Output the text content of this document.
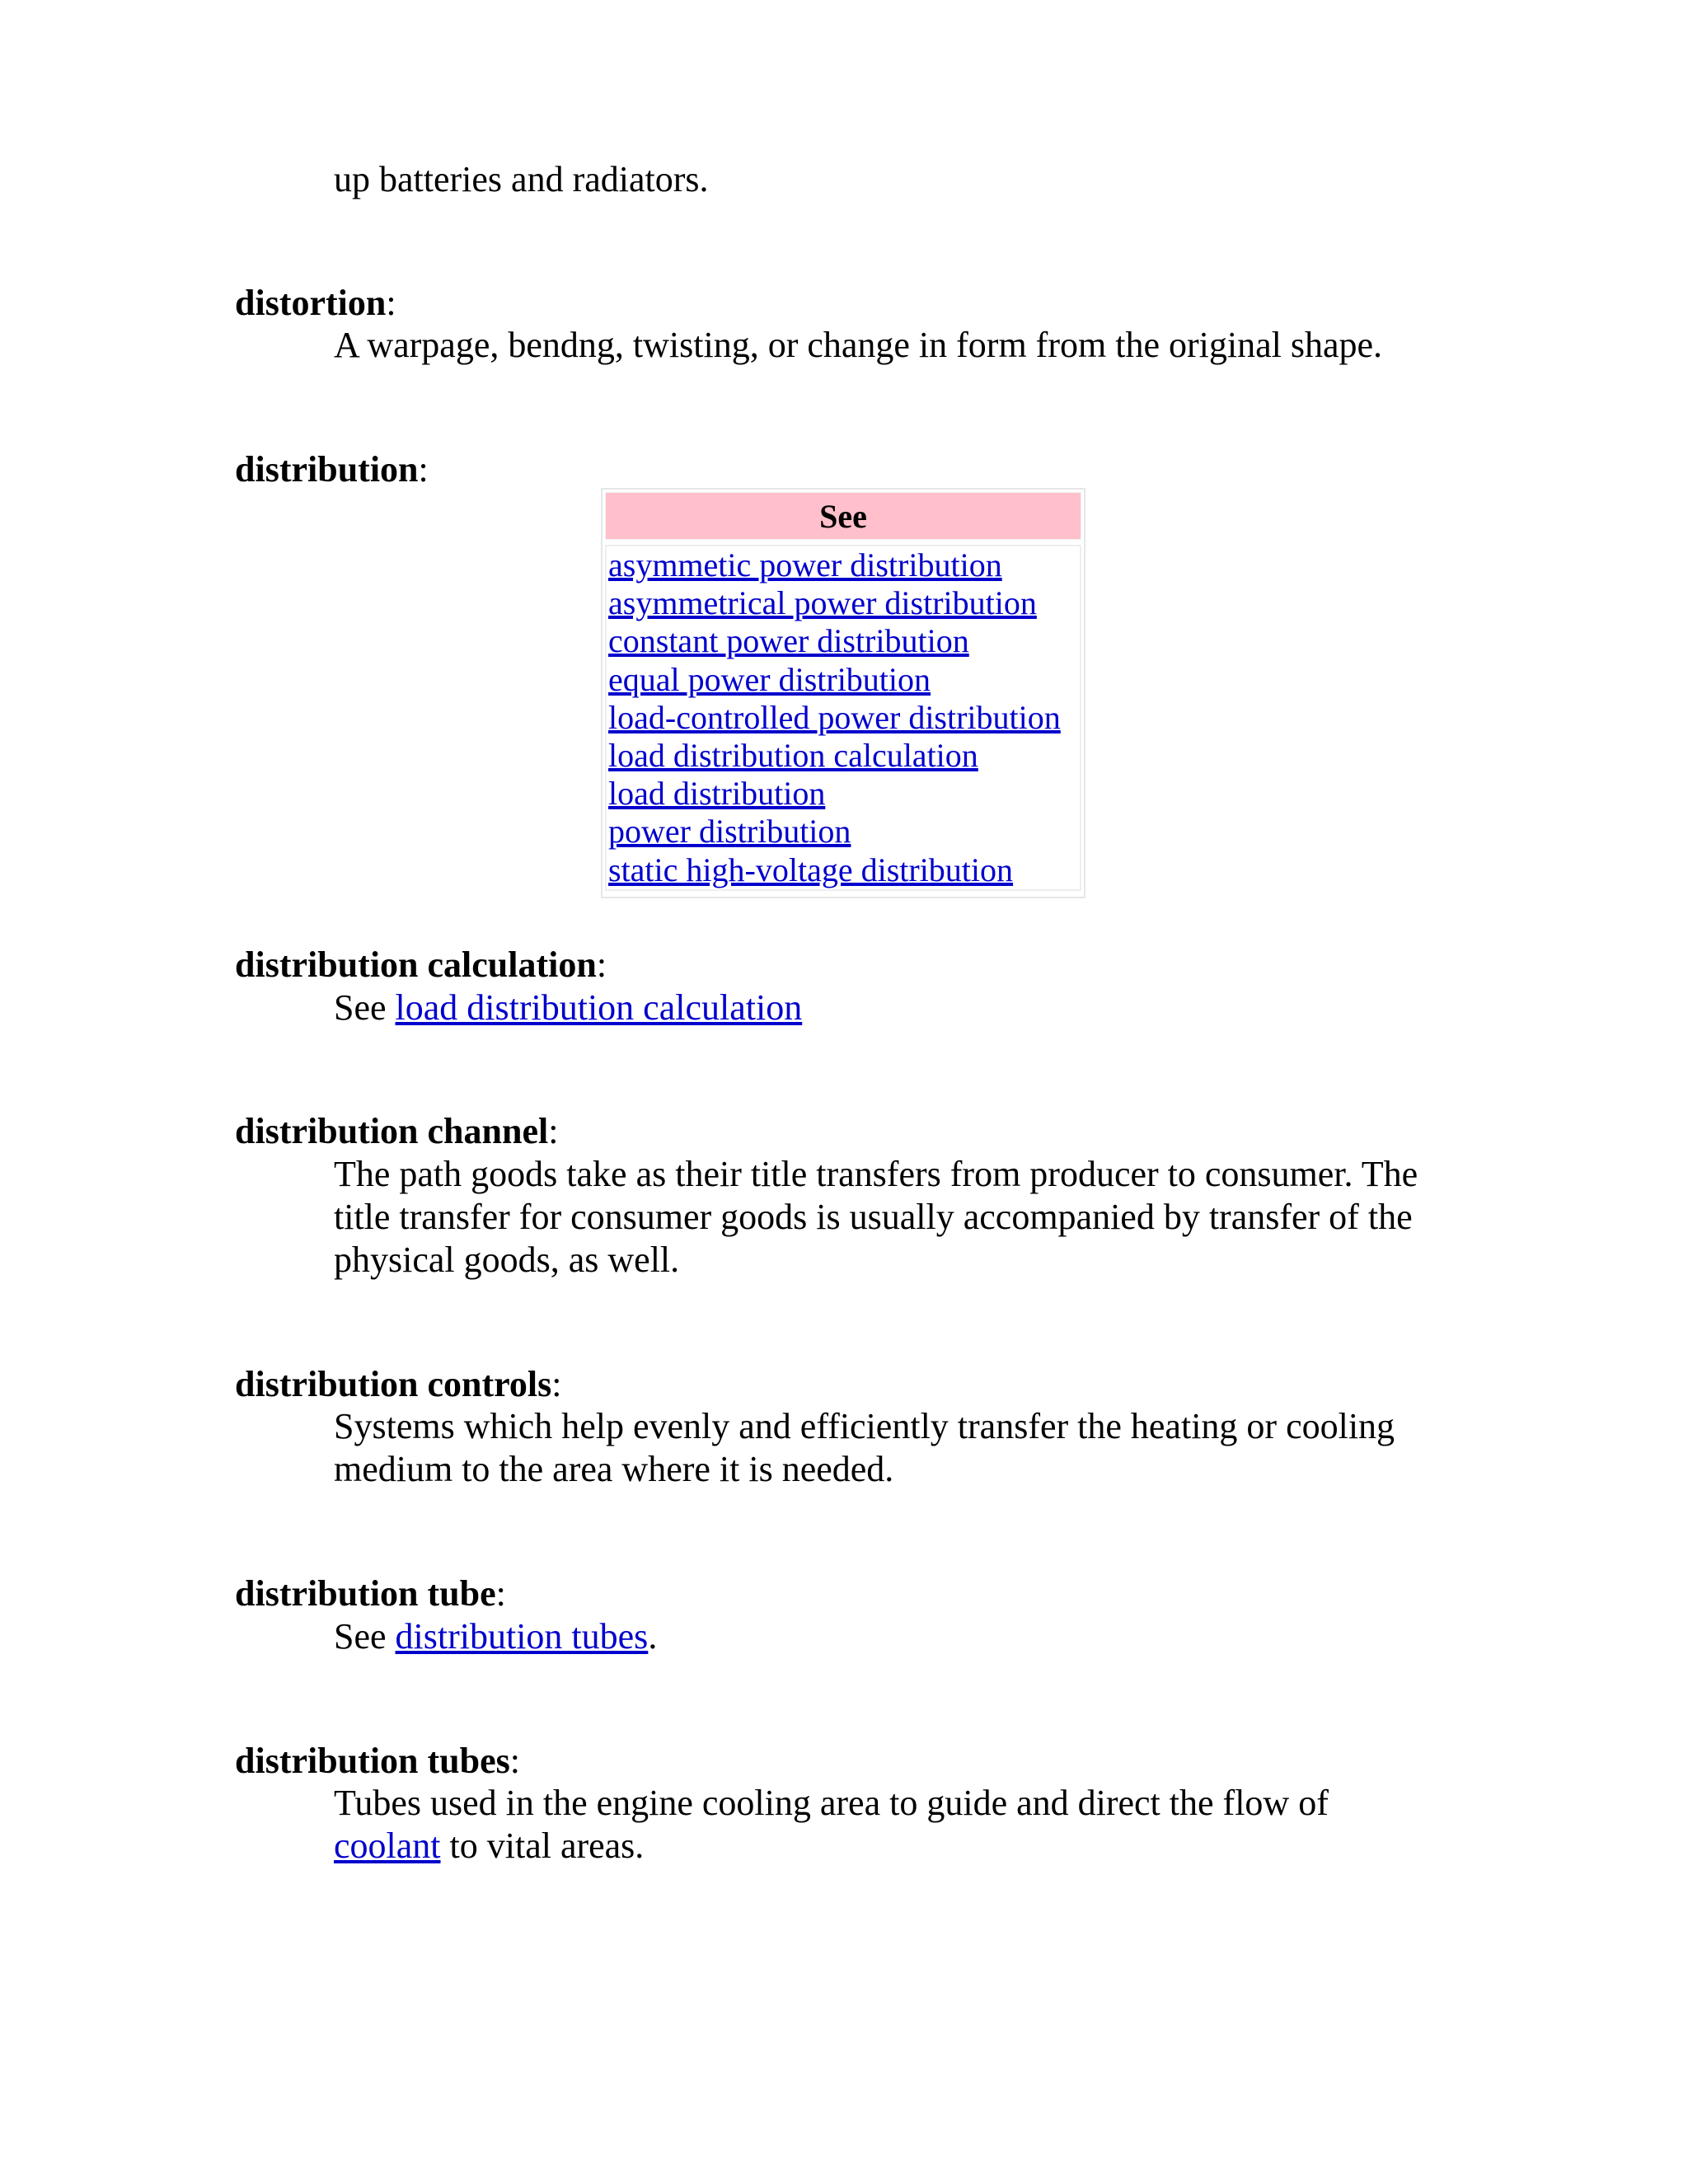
up batteries and radiators.
distortion:
A warpage, bendng, twisting, or change in form from the original shape.
distribution:
See
asymmetic power distribution
asymmetrical power distribution
constant power distribution
equal power distribution
load-controlled power distribution
load distribution calculation
load distribution
power distribution
static high-voltage distribution
distribution calculation:
See load distribution calculation
distribution channel:
The path goods take as their title transfers from producer to consumer. The
title transfer for consumer goods is usually accompanied by transfer of the
physical goods, as well.
distribution controls:
Systems which help evenly and efficiently transfer the heating or cooling
medium to the area where it is needed.
distribution tube:
See distribution tubes.
distribution tubes:
Tubes used in the engine cooling area to guide and direct the flow of
coolant to vital areas.
